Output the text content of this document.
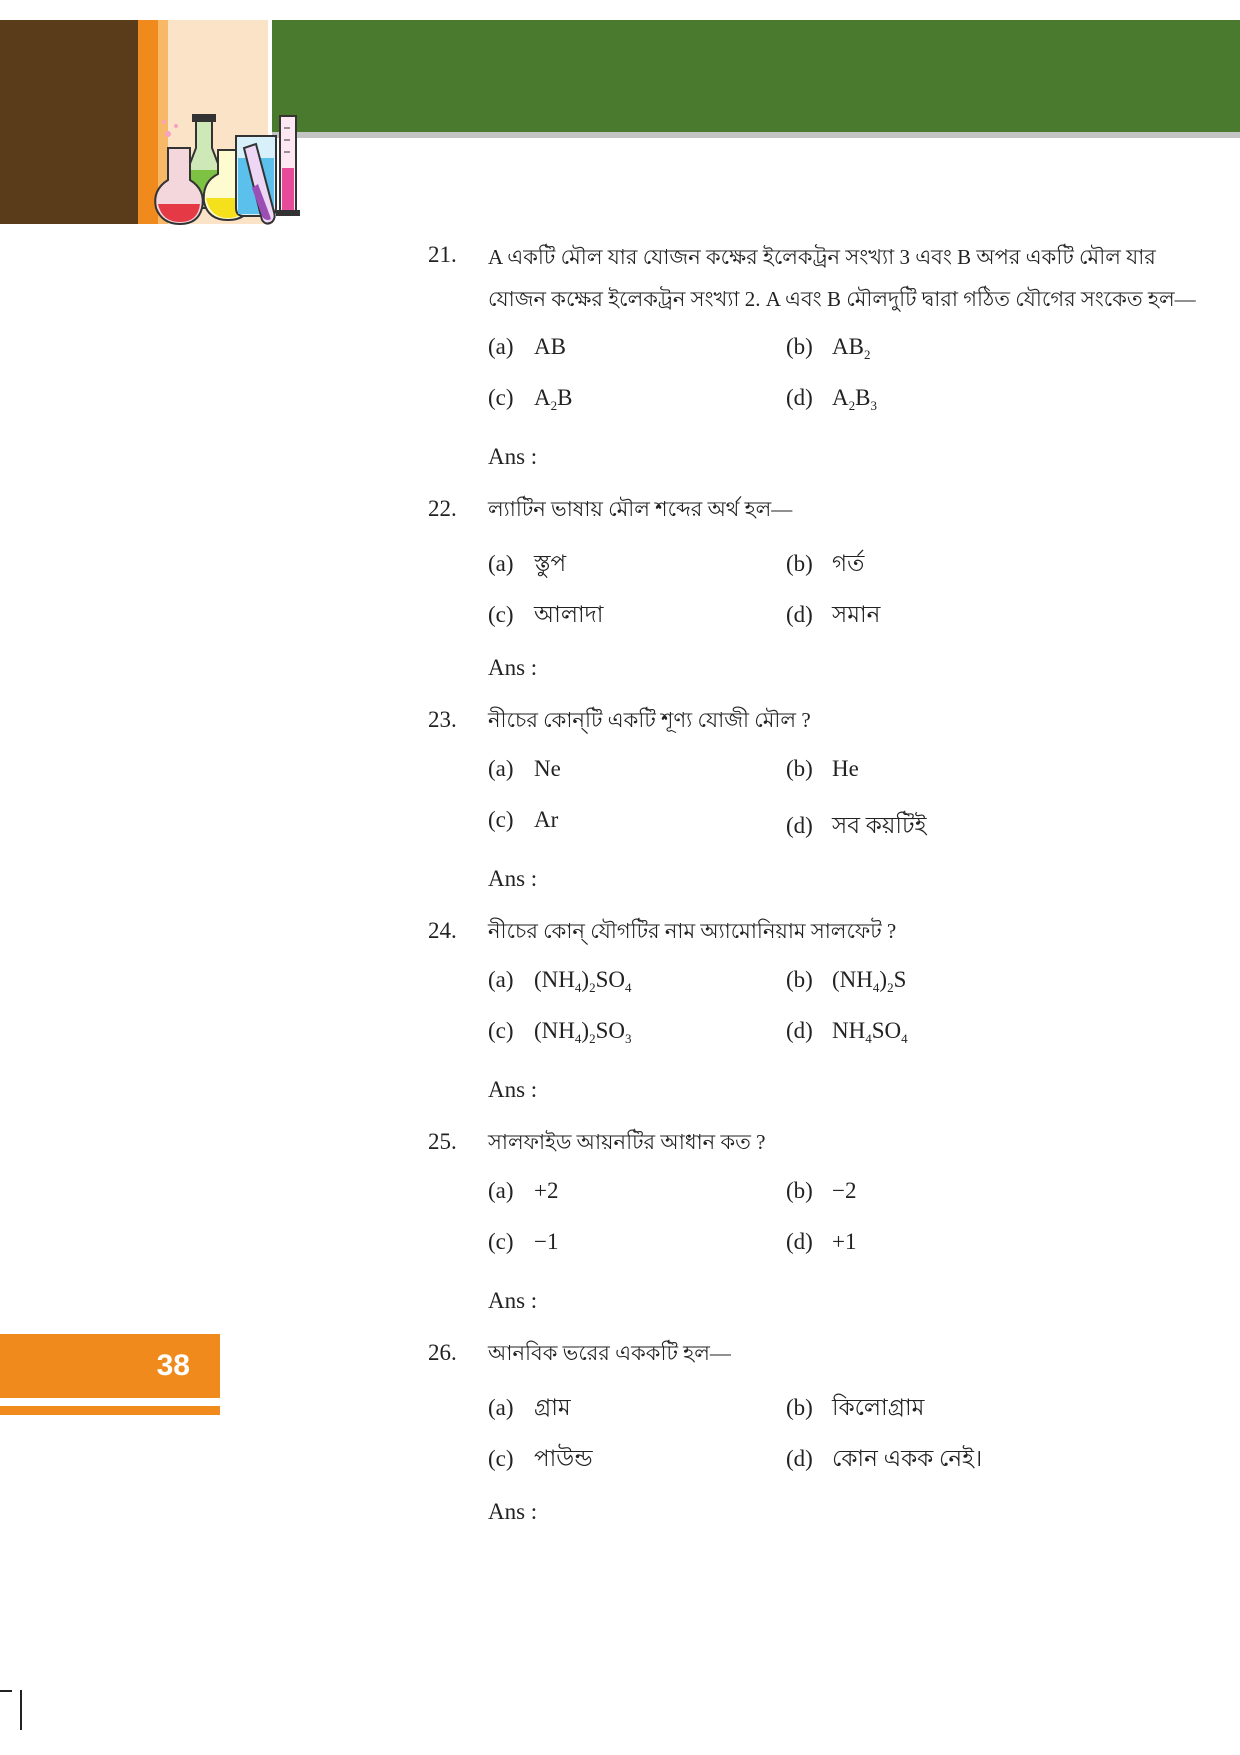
21. A একটি মৌল যার যোজন কক্ষের ইলেকট্রন সংখ্যা 3 এবং B অপর একটি মৌল যার
যোজন কক্ষের ইলেকট্রন সংখ্যা 2. A এবং B মৌলদুটি দ্বারা গঠিত যৌগের সংকেত হল—
(a) AB	(b) $AB_2$
(c) $A_2B$	(d) $A_2B_3$
Ans :
22. ল্যাটিন ভাষায় মৌল শব্দের অর্থ হল—
(a) স্তুপ	(b) গর্ত
(c) আলাদা	(d) সমান
Ans :
23. নীচের কোন্‌টি একটি শূণ্য যোজী মৌল ?
(a) Ne	(b) He
(c) Ar	(d) সব কয়টিই
Ans :
24. নীচের কোন্‌ যৌগটির নাম অ্যামোনিয়াম সালফেট ?
(a) $(NH_4)_2SO_4$	(b) $(NH_4)_2S$
(c) $(NH_4)_2SO_3$	(d) $NH_4SO_4$
Ans :
25. সালফাইড আয়নটির আধান কত ?
(a) +2	(b) −2
(c) −1	(d) +1
Ans :
26. আনবিক ভরের এককটি হল—
(a) গ্রাম	(b) কিলোগ্রাম
(c) পাউন্ড	(d) কোন একক নেই।
Ans :
38
